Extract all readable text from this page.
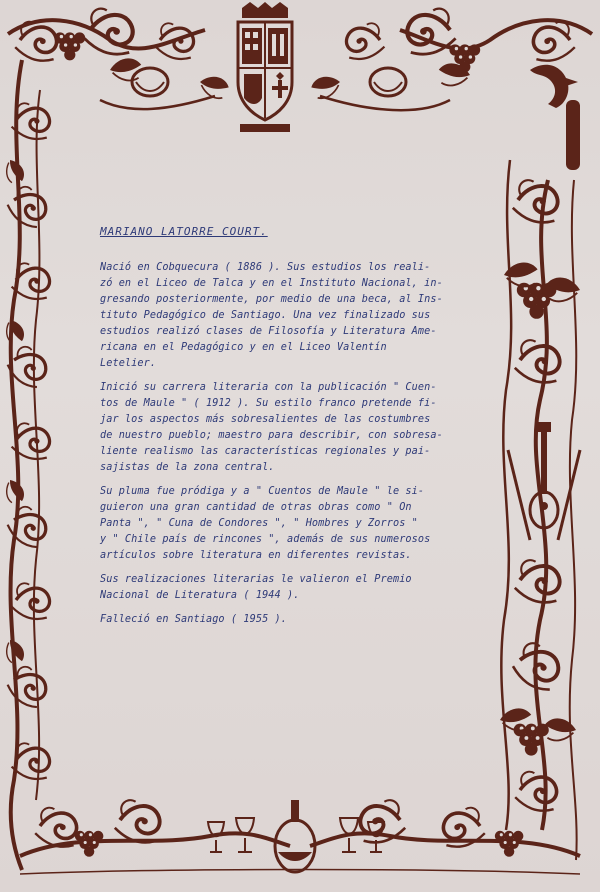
MARIANO LATORRE COURT.

Nació en Cobquecura ( 1886 ). Sus estudios los reali-
zó en el Liceo de Talca y en el Instituto Nacional, in-
gresando posteriormente, por medio de una beca, al Ins-
tituto Pedagógico de Santiago. Una vez finalizado sus
estudios realizó clases de Filosofía y Literatura Ame-
ricana en el Pedagógico y en el Liceo Valentín Letelier.

Inició su carrera literaria con la publicación " Cuen-
tos de Maule " ( 1912 ). Su estilo franco pretende fi-
jar los aspectos más sobresalientes de las costumbres
de nuestro pueblo; maestro para describir, con sobresa-
liente realismo las características regionales y pai-
sajistas de la zona central.

Su pluma fue pródiga y a " Cuentos de Maule " le si-
guieron una gran cantidad de otras obras como " On
Panta ", " Cuna de Condores ", " Hombres y Zorros "
y " Chile país de rincones ", además de sus numerosos
artículos sobre literatura en diferentes revistas.

Sus realizaciones literarias le valieron el Premio
Nacional de Literatura ( 1944 ).

Falleció en Santiago ( 1955 ).
